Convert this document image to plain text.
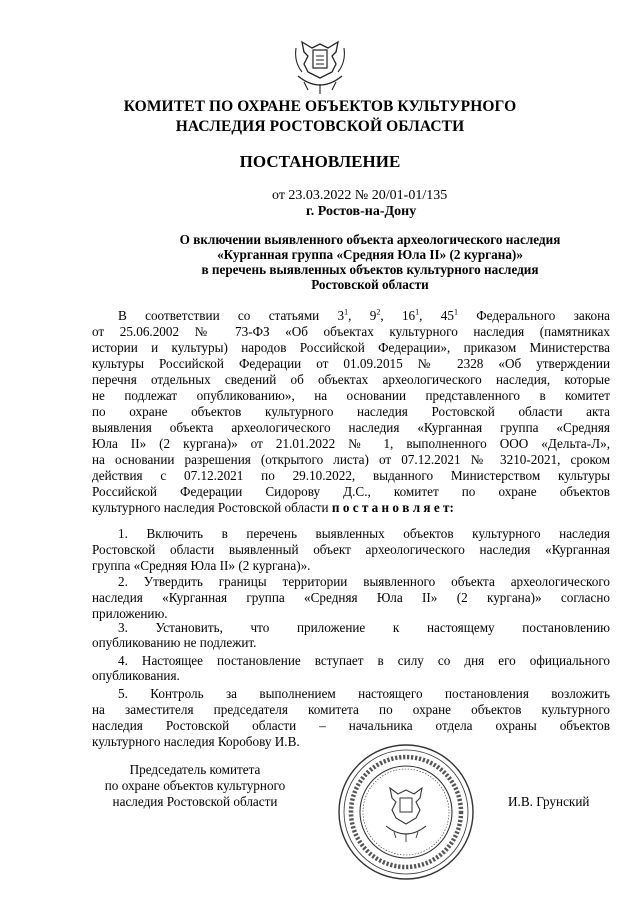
КОМИТЕТ ПО ОХРАНЕ ОБЪЕКТОВ КУЛЬТУРНОГО
НАСЛЕДИЯ РОСТОВСКОЙ ОБЛАСТИ
ПОСТАНОВЛЕНИЕ
от 23.03.2022 № 20/01-01/135
г. Ростов-на-Дону
О включении выявленного объекта археологического наследия
«Курганная группа «Средняя Юла II» (2 кургана)»
в перечень выявленных объектов культурного наследия
Ростовской области
В соответствии со статьями $3^1$, $9^2$, $16^1$, $45^1$ Федерального закона
от 25.06.2002 № 73-ФЗ «Об объектах культурного наследия (памятниках
истории и культуры) народов Российской Федерации», приказом Министерства
культуры Российской Федерации от 01.09.2015 № 2328 «Об утверждении
перечня отдельных сведений об объектах археологического наследия, которые
не подлежат опубликованию», на основании представленного в комитет
по охране объектов культурного наследия Ростовской области акта
выявления объекта археологического наследия «Курганная группа «Средняя
Юла II» (2 кургана)» от 21.01.2022 № 1, выполненного ООО «Дельта-Л»,
на основании разрешения (открытого листа) от 07.12.2021 № 3210-2021, сроком
действия с 07.12.2021 по 29.10.2022, выданного Министерством культуры
Российской Федерации Сидорову Д.С., комитет по охране объектов
культурного наследия Ростовской области п о с т а н о в л я е т:
1. Включить в перечень выявленных объектов культурного наследия
Ростовской области выявленный объект археологического наследия «Курганная
группа «Средняя Юла II» (2 кургана)».
2. Утвердить границы территории выявленного объекта археологического
наследия «Курганная группа «Средняя Юла II» (2 кургана)» согласно
приложению.
3. Установить, что приложение к настоящему постановлению
опубликованию не подлежит.
4. Настоящее постановление вступает в силу со дня его официального
опубликования.
5. Контроль за выполнением настоящего постановления возложить
на заместителя председателя комитета по охране объектов культурного
наследия Ростовской области – начальника отдела охраны объектов
культурного наследия Коробову И.В.
Председатель комитета
по охране объектов культурного
наследия Ростовской области	И.В. Грунский
